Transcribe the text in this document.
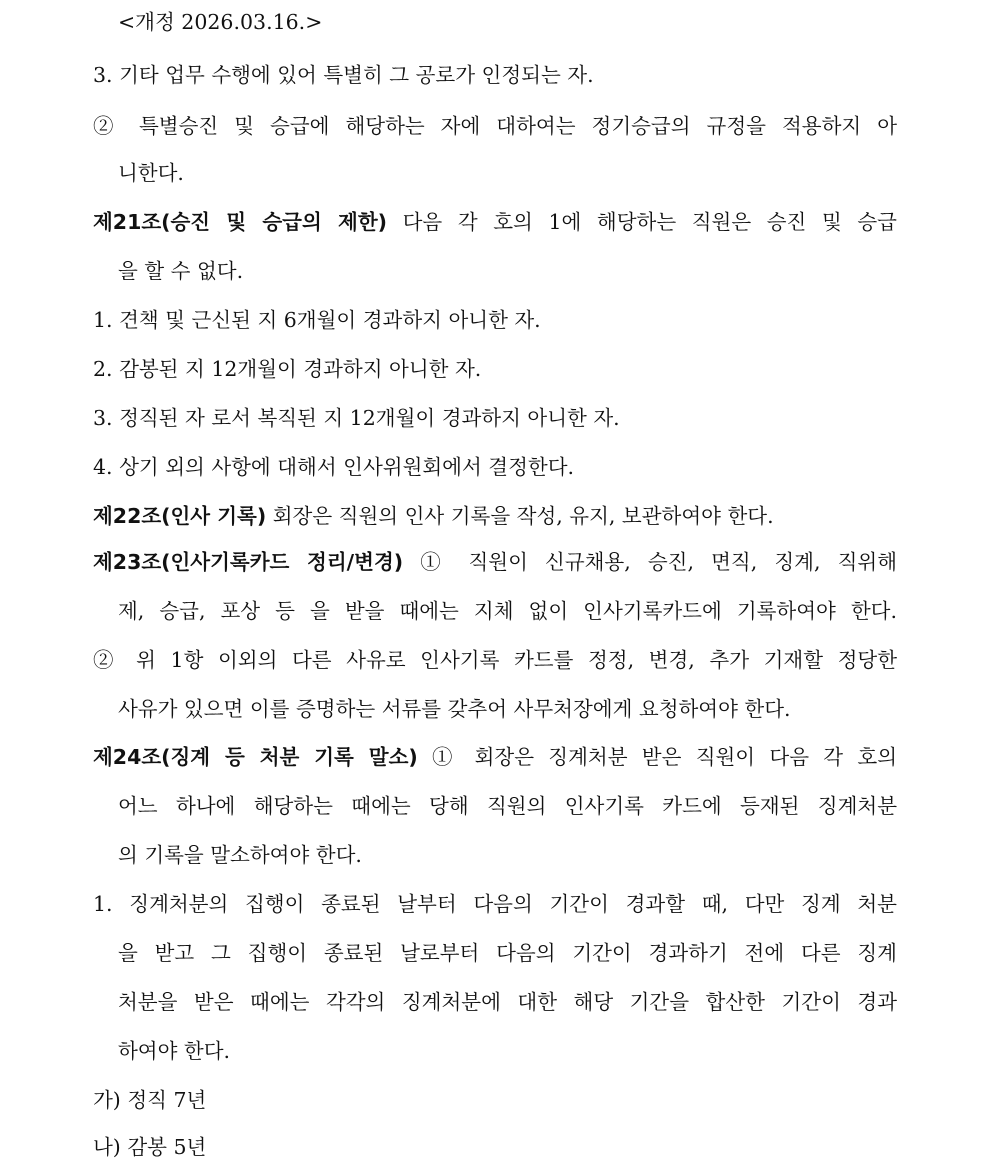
<개정 2026.03.16.>
3. 기타 업무 수행에 있어 특별히 그 공로가 인정되는 자.
② 특별승진 및 승급에 해당하는 자에 대하여는 정기승급의 규정을 적용하지 아
니한다.
제21조(승진 및 승급의 제한) 다음 각 호의 1에 해당하는 직원은 승진 및 승급
을 할 수 없다.
1. 견책 및 근신된 지 6개월이 경과하지 아니한 자.
2. 감봉된 지 12개월이 경과하지 아니한 자.
3. 정직된 자 로서 복직된 지 12개월이 경과하지 아니한 자.
4. 상기 외의 사항에 대해서 인사위원회에서 결정한다.
제22조(인사 기록) 회장은 직원의 인사 기록을 작성, 유지, 보관하여야 한다.
제23조(인사기록카드 정리/변경) ① 직원이 신규채용, 승진, 면직, 징계, 직위해
제, 승급, 포상 등 을 받을 때에는 지체 없이 인사기록카드에 기록하여야 한다.
② 위 1항 이외의 다른 사유로 인사기록 카드를 정정, 변경, 추가 기재할 정당한
사유가 있으면 이를 증명하는 서류를 갖추어 사무처장에게 요청하여야 한다.
제24조(징계 등 처분 기록 말소) ① 회장은 징계처분 받은 직원이 다음 각 호의
어느 하나에 해당하는 때에는 당해 직원의 인사기록 카드에 등재된 징계처분
의 기록을 말소하여야 한다.
1. 징계처분의 집행이 종료된 날부터 다음의 기간이 경과할 때, 다만 징계 처분
을 받고 그 집행이 종료된 날로부터 다음의 기간이 경과하기 전에 다른 징계
처분을 받은 때에는 각각의 징계처분에 대한 해당 기간을 합산한 기간이 경과
하여야 한다.
가) 정직 7년
나) 감봉 5년
